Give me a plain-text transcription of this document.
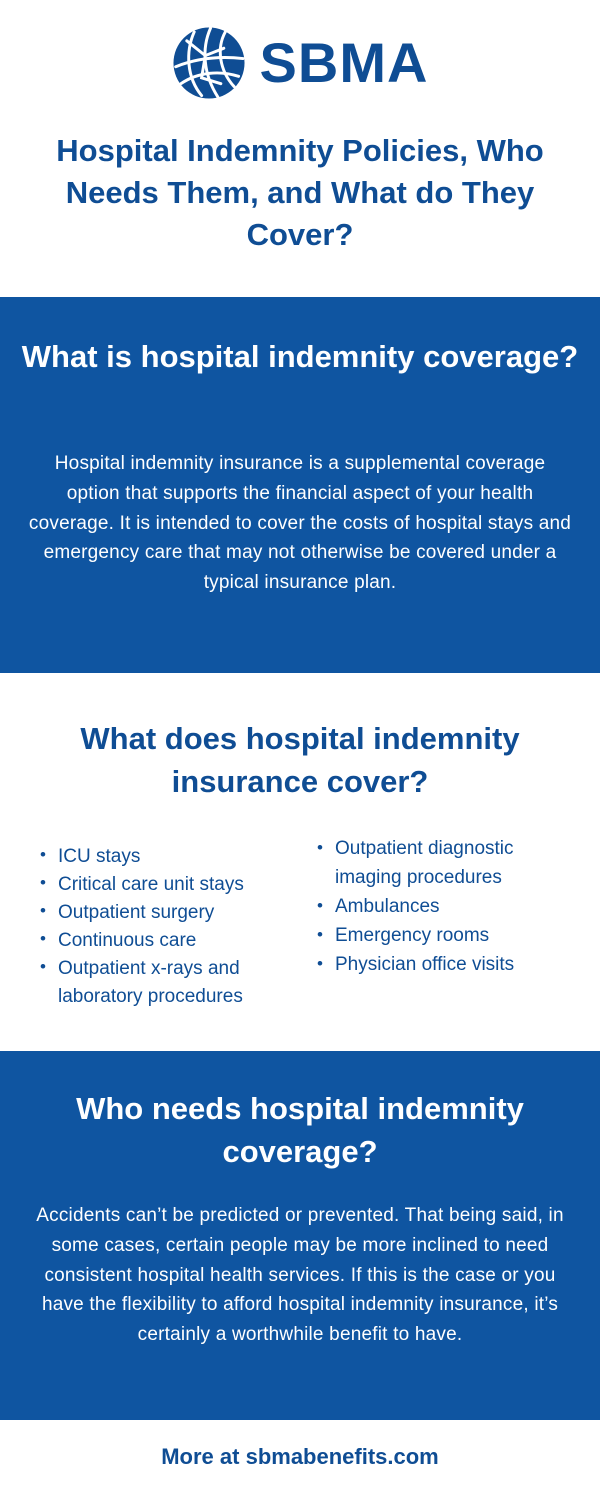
SBMA
Hospital Indemnity Policies, Who Needs Them, and What do They Cover?
What is hospital indemnity coverage?
Hospital indemnity insurance is a supplemental coverage option that supports the financial aspect of your health coverage. It is intended to cover the costs of hospital stays and emergency care that may not otherwise be covered under a typical insurance plan.
What does hospital indemnity insurance cover?
• ICU stays
• Critical care unit stays
• Outpatient surgery
• Continuous care
• Outpatient x-rays and laboratory procedures
• Outpatient diagnostic imaging procedures
• Ambulances
• Emergency rooms
• Physician office visits
Who needs hospital indemnity coverage?
Accidents can’t be predicted or prevented. That being said, in some cases, certain people may be more inclined to need consistent hospital health services. If this is the case or you have the flexibility to afford hospital indemnity insurance, it’s certainly a worthwhile benefit to have.
More at sbmabenefits.com
